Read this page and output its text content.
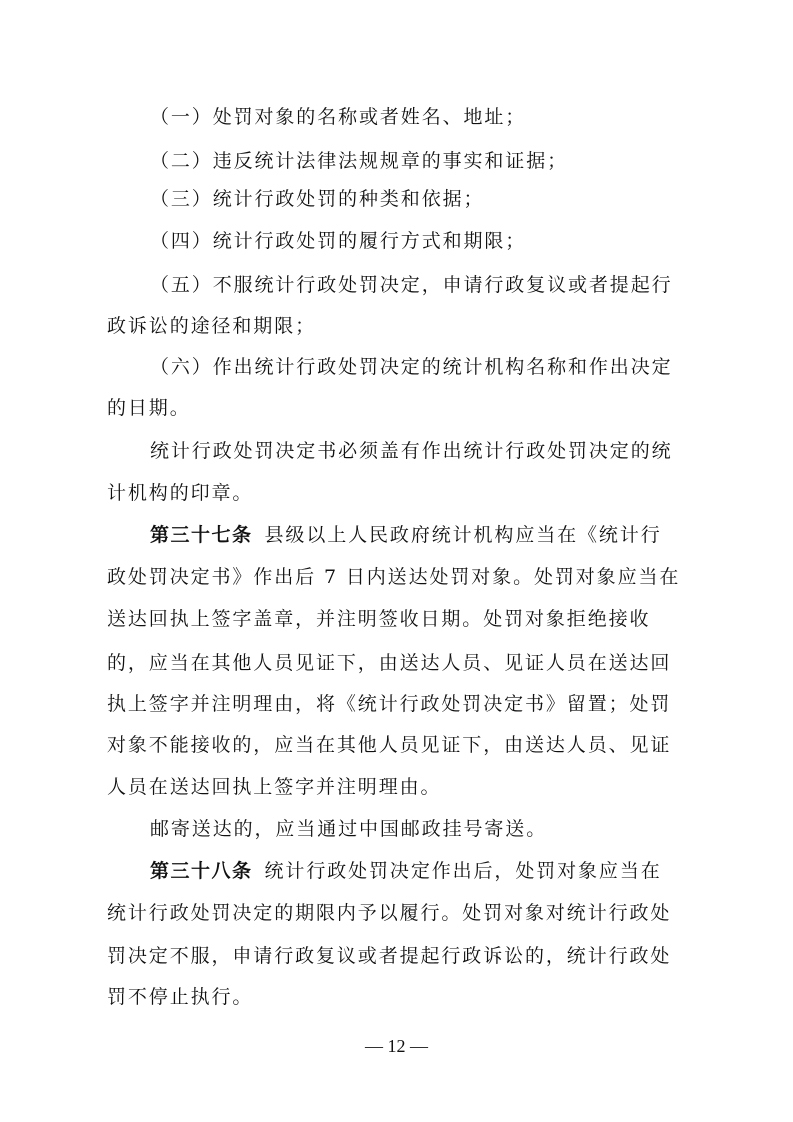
（一）处罚对象的名称或者姓名、地址；
（二）违反统计法律法规规章的事实和证据；
（三）统计行政处罚的种类和依据；
（四）统计行政处罚的履行方式和期限；
（五）不服统计行政处罚决定，申请行政复议或者提起行
政诉讼的途径和期限；
（六）作出统计行政处罚决定的统计机构名称和作出决定
的日期。
统计行政处罚决定书必须盖有作出统计行政处罚决定的统
计机构的印章。
第三十七条 县级以上人民政府统计机构应当在《统计行
政处罚决定书》作出后 7 日内送达处罚对象。处罚对象应当在
送达回执上签字盖章，并注明签收日期。处罚对象拒绝接收
的，应当在其他人员见证下，由送达人员、见证人员在送达回
执上签字并注明理由，将《统计行政处罚决定书》留置；处罚
对象不能接收的，应当在其他人员见证下，由送达人员、见证
人员在送达回执上签字并注明理由。
邮寄送达的，应当通过中国邮政挂号寄送。
第三十八条 统计行政处罚决定作出后，处罚对象应当在
统计行政处罚决定的期限内予以履行。处罚对象对统计行政处
罚决定不服，申请行政复议或者提起行政诉讼的，统计行政处
罚不停止执行。
— 12 —
